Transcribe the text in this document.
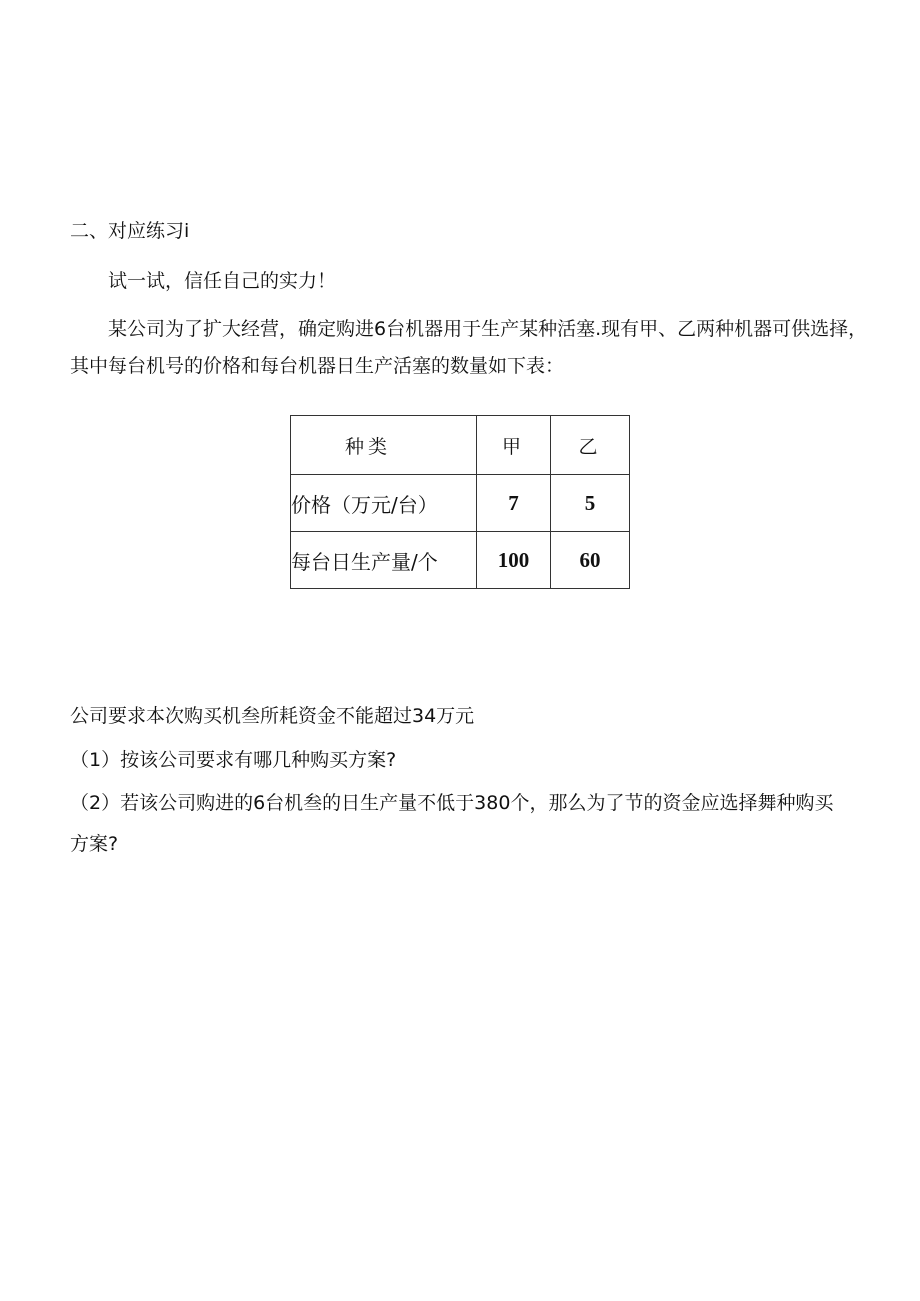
二、对应练习i
试一试，信任自己的实力！
某公司为了扩大经营，确定购进6台机器用于生产某种活塞.现有甲、乙两种机器可供选择，
其中每台机号的价格和每台机器日生产活塞的数量如下表：
种类	甲	乙
价格（万元/台）	7	5
每台日生产量/个	100	60
公司要求本次购买机叁所耗资金不能超过34万元
（1）按该公司要求有哪几种购买方案?
（2）若该公司购进的6台机叁的日生产量不低于380个，那么为了节的资金应选择舞种购买
方案?
